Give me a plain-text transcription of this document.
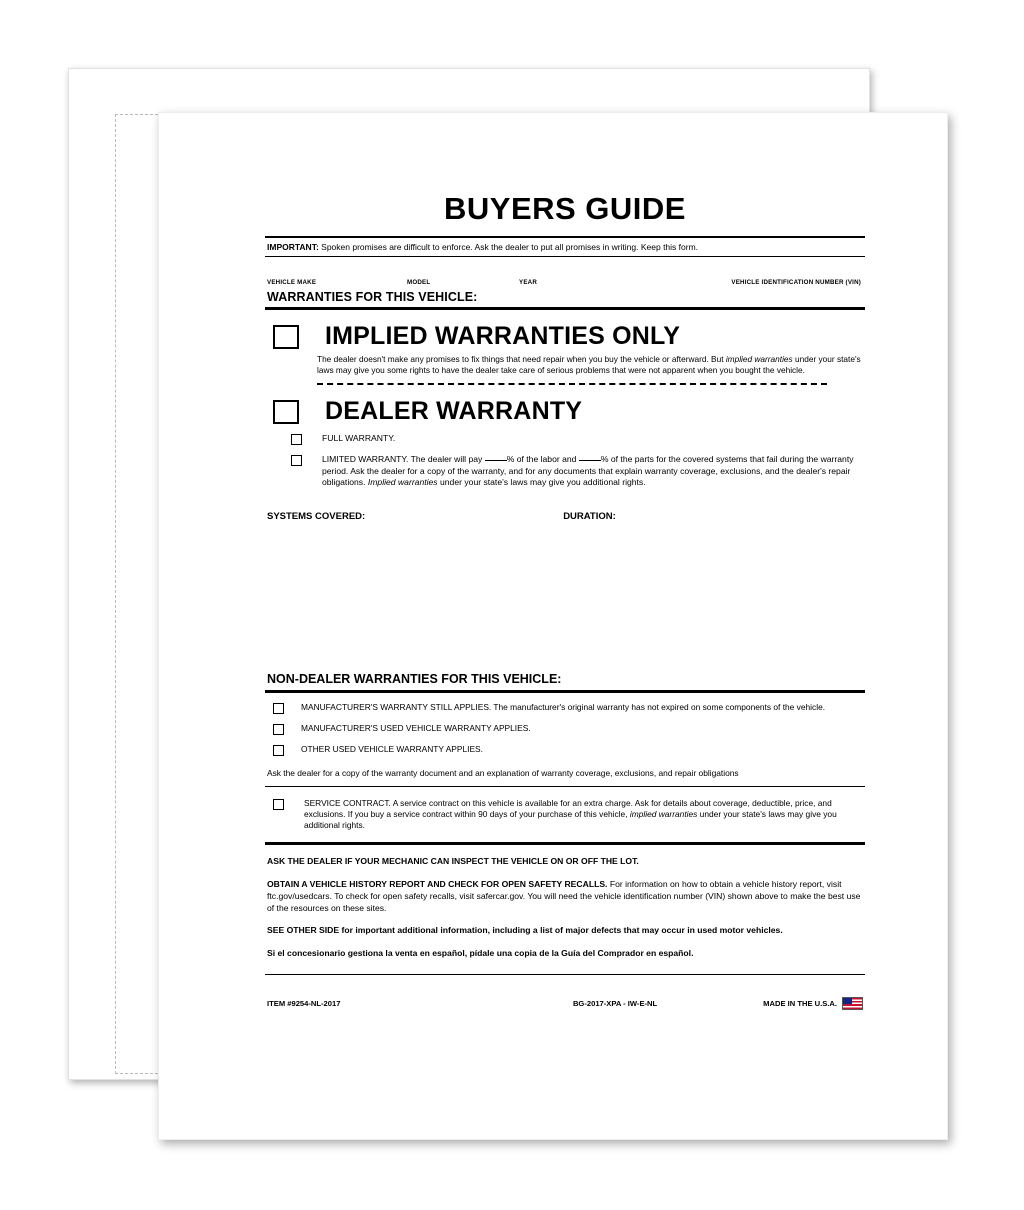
BUYERS GUIDE
IMPORTANT: Spoken promises are difficult to enforce. Ask the dealer to put all promises in writing. Keep this form.
VEHICLE MAKE	MODEL	YEAR	VEHICLE IDENTIFICATION NUMBER (VIN)
WARRANTIES FOR THIS VEHICLE:
IMPLIED WARRANTIES ONLY
The dealer doesn't make any promises to fix things that need repair when you buy the vehicle or afterward. But implied warranties under your state's laws may give you some rights to have the dealer take care of serious problems that were not apparent when you bought the vehicle.
DEALER WARRANTY
FULL WARRANTY.
LIMITED WARRANTY. The dealer will pay	% of the labor and	% of the parts for the covered systems that fail during the warranty period. Ask the dealer for a copy of the warranty, and for any documents that explain warranty coverage, exclusions, and the dealer's repair obligations. Implied warranties under your state's laws may give you additional rights.
SYSTEMS COVERED:	DURATION:
NON-DEALER WARRANTIES FOR THIS VEHICLE:
MANUFACTURER'S WARRANTY STILL APPLIES. The manufacturer's original warranty has not expired on some components of the vehicle.
MANUFACTURER'S USED VEHICLE WARRANTY APPLIES.
OTHER USED VEHICLE WARRANTY APPLIES.
Ask the dealer for a copy of the warranty document and an explanation of warranty coverage, exclusions, and repair obligations
SERVICE CONTRACT. A service contract on this vehicle is available for an extra charge. Ask for details about coverage, deductible, price, and exclusions. If you buy a service contract within 90 days of your purchase of this vehicle, implied warranties under your state's laws may give you additional rights.
ASK THE DEALER IF YOUR MECHANIC CAN INSPECT THE VEHICLE ON OR OFF THE LOT.
OBTAIN A VEHICLE HISTORY REPORT AND CHECK FOR OPEN SAFETY RECALLS. For information on how to obtain a vehicle history report, visit ftc.gov/usedcars. To check for open safety recalls, visit safercar.gov. You will need the vehicle identification number (VIN) shown above to make the best use of the resources on these sites.
SEE OTHER SIDE for important additional information, including a list of major defects that may occur in used motor vehicles.
Si el concesionario gestiona la venta en español, pídale una copia de la Guía del Comprador en español.
ITEM #9254-NL-2017	BG-2017-XPA - IW-E-NL	MADE IN THE U.S.A.
